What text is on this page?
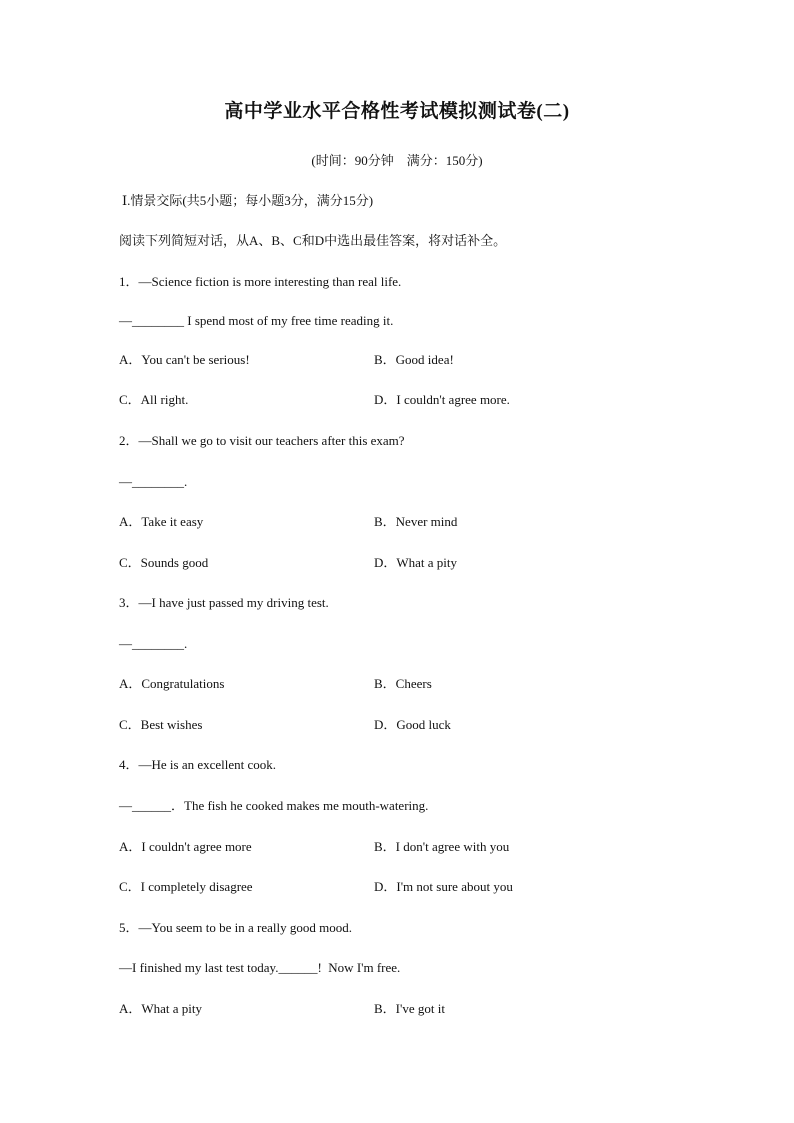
高中学业水平合格性考试模拟测试卷(二)
(时间：90分钟　满分：150分)
Ⅰ.情景交际(共5小题；每小题3分，满分15分)
阅读下列简短对话，从A、B、C和D中选出最佳答案，将对话补全。
1．—Science fiction is more interesting than real life.
—________ I spend most of my free time reading it.
A．You can't be serious!	B．Good idea!
C．All right.	D．I couldn't agree more.
2．—Shall we go to visit our teachers after this exam?
—________.
A．Take it easy	B．Never mind
C．Sounds good	D．What a pity
3．—I have just passed my driving test.
—________.
A．Congratulations	B．Cheers
C．Best wishes	D．Good luck
4．—He is an excellent cook.
—______．The fish he cooked makes me mouth-watering.
A．I couldn't agree more	B．I don't agree with you
C．I completely disagree	D．I'm not sure about you
5．—You seem to be in a really good mood.
—I finished my last test today.______!  Now I'm free.
A．What a pity	B．I've got it
